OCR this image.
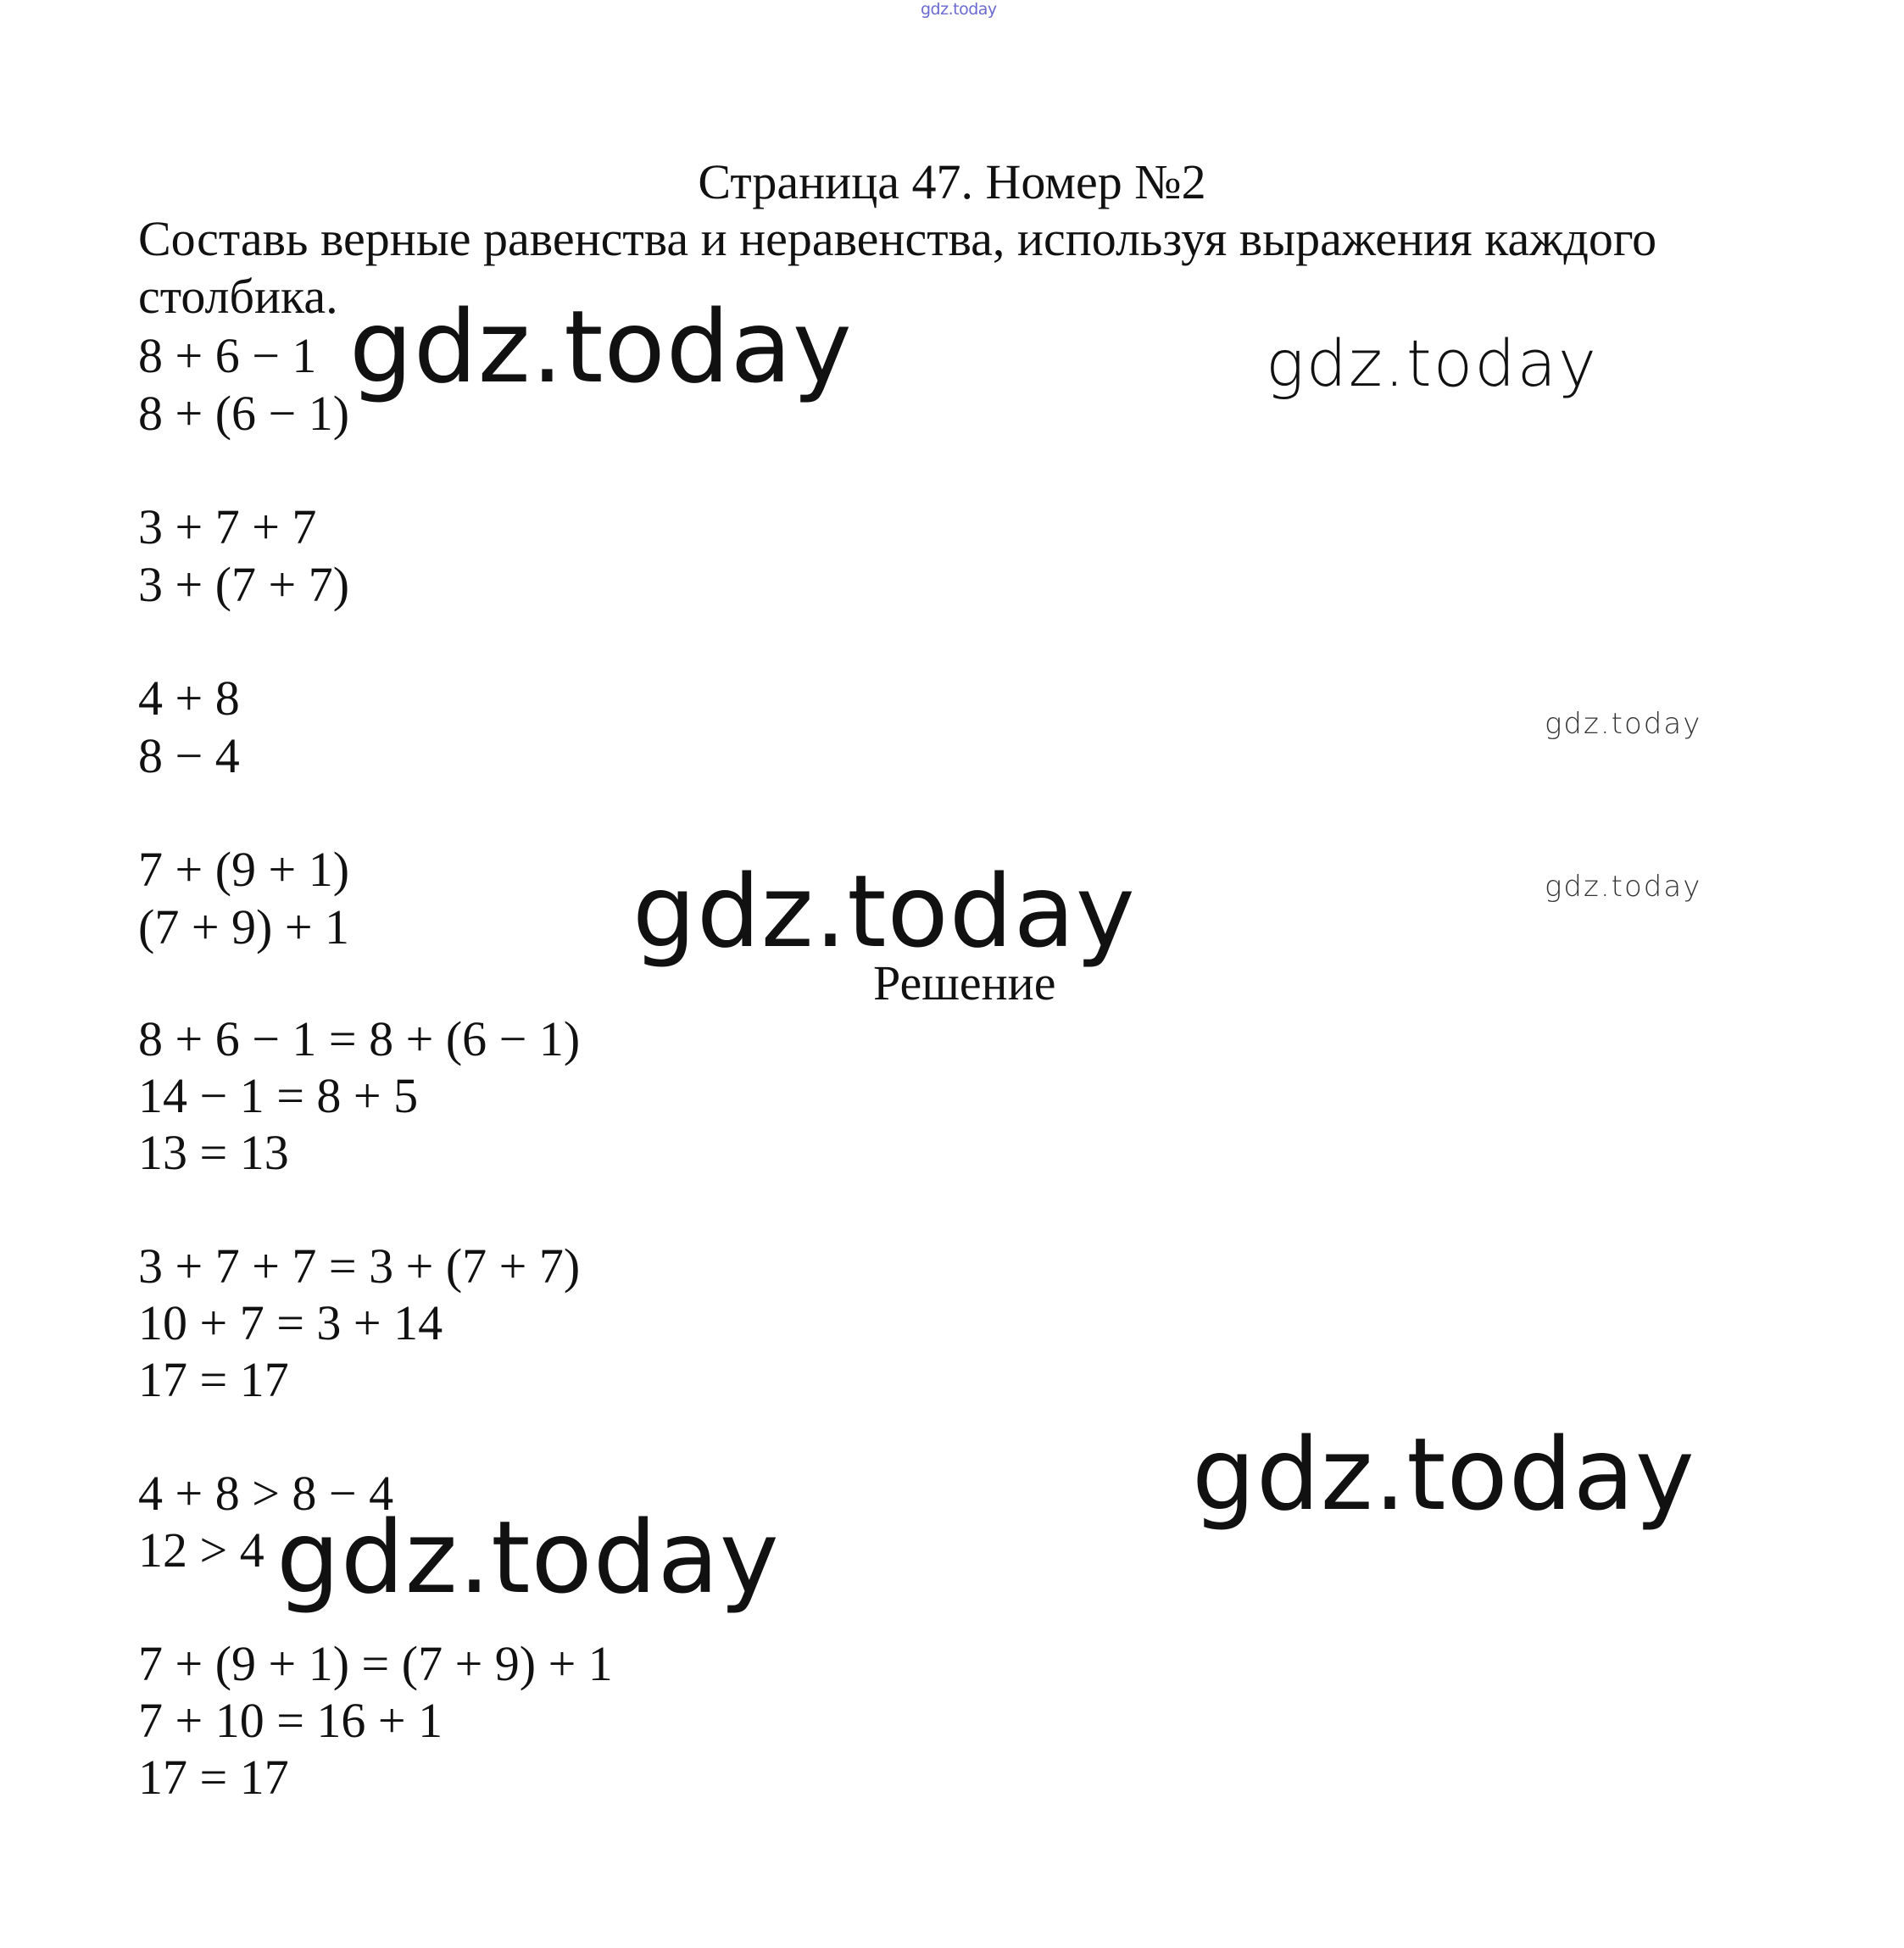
gdz.today
Страница 47. Номер №2
Составь верные равенства и неравенства, используя выражения каждого столбика.
8 + 6 − 1
8 + (6 − 1)
3 + 7 + 7
3 + (7 + 7)
4 + 8
8 − 4
7 + (9 + 1)
(7 + 9) + 1
Решение
8 + 6 − 1 = 8 + (6 − 1)
14 − 1 = 8 + 5
13 = 13
3 + 7 + 7 = 3 + (7 + 7)
10 + 7 = 3 + 14
17 = 17
4 + 8 > 8 − 4
12 > 4
7 + (9 + 1) = (7 + 9) + 1
7 + 10 = 16 + 1
17 = 17
gdz.today	gdz.today
gdz.today
gdz.today
gdz.today
gdz.today
gdz.today
